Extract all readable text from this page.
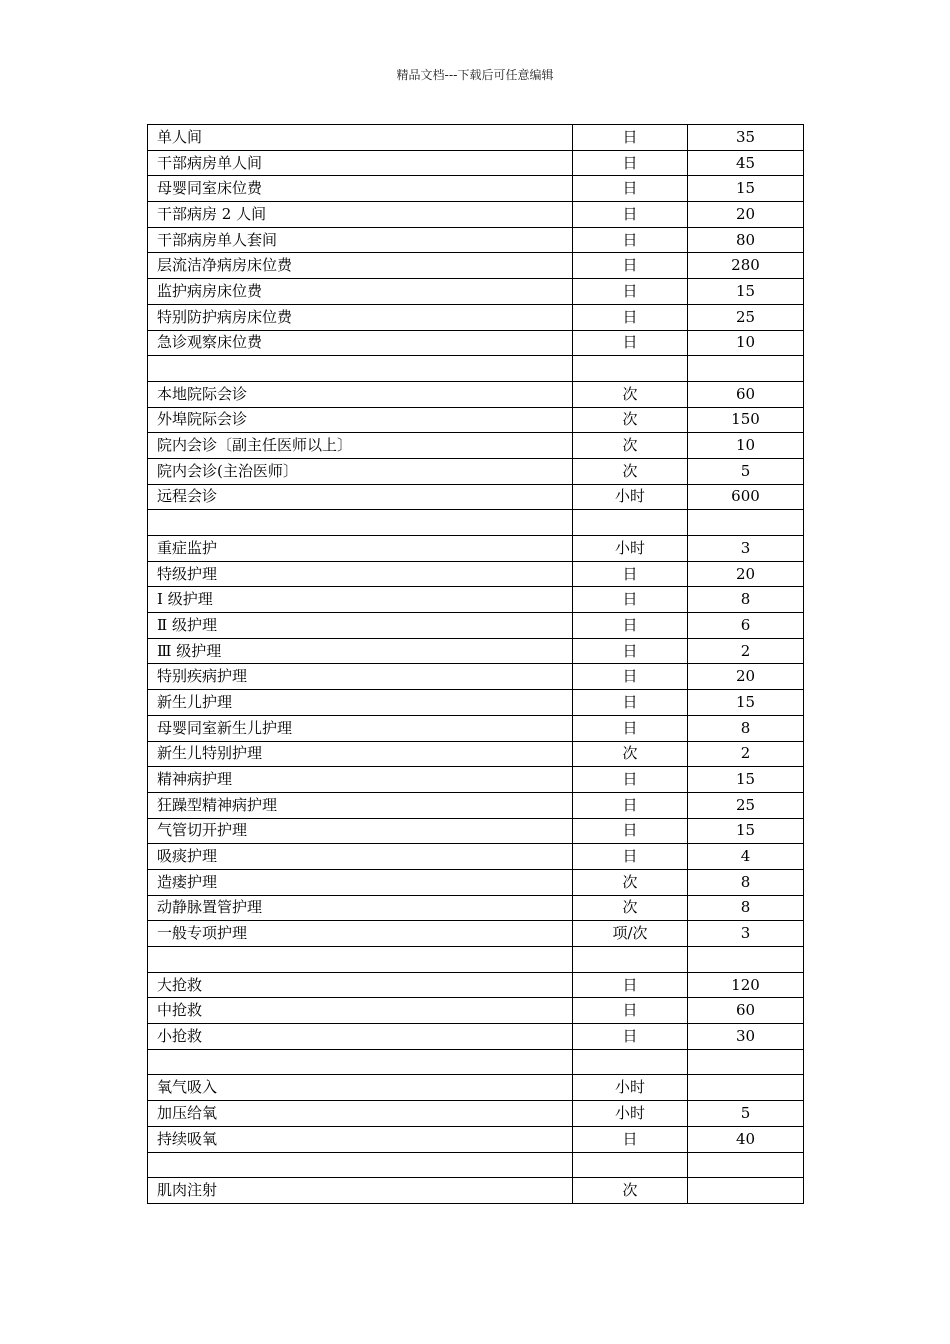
精品文档---下载后可任意编辑
单人间	日	35
干部病房单人间	日	45
母婴同室床位费	日	15
干部病房 2 人间	日	20
干部病房单人套间	日	80
层流洁净病房床位费	日	280
监护病房床位费	日	15
特别防护病房床位费	日	25
急诊观察床位费	日	10

本地院际会诊	次	60
外埠院际会诊	次	150
院内会诊〔副主任医师以上〕	次	10
院内会诊(主治医师〕	次	5
远程会诊	小时	600

重症监护	小时	3
特级护理	日	20
I 级护理	日	8
Ⅱ 级护理	日	6
Ⅲ 级护理	日	2
特别疾病护理	日	20
新生儿护理	日	15
母婴同室新生儿护理	日	8
新生儿特别护理	次	2
精神病护理	日	15
狂躁型精神病护理	日	25
气管切开护理	日	15
吸痰护理	日	4
造瘘护理	次	8
动静脉置管护理	次	8
一般专项护理	项/次	3

大抢救	日	120
中抢救	日	60
小抢救	日	30

氧气吸入	小时	
加压给氧	小时	5
持续吸氧	日	40

肌肉注射	次	
